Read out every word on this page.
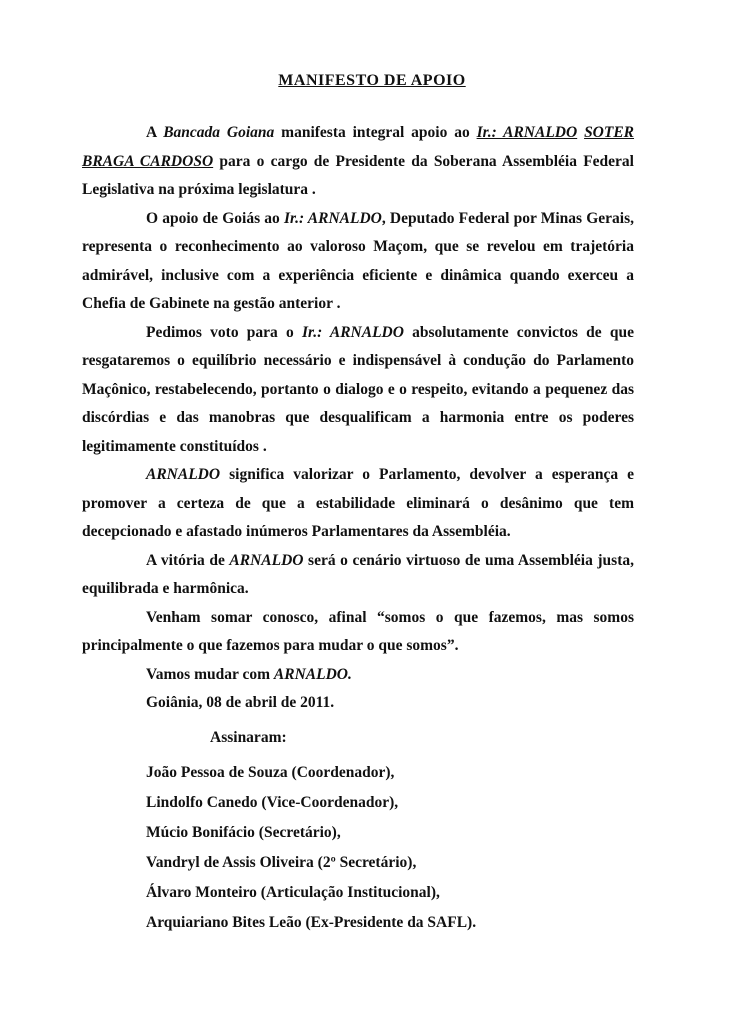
MANIFESTO DE APOIO

A Bancada Goiana manifesta integral apoio ao Ir.: ARNALDO SOTER BRAGA CARDOSO para o cargo de Presidente da Soberana Assembléia Federal Legislativa na próxima legislatura .

O apoio de Goiás ao Ir.: ARNALDO, Deputado Federal por Minas Gerais, representa o reconhecimento ao valoroso Maçom, que se revelou em trajetória admirável, inclusive com a experiência eficiente e dinâmica quando exerceu a Chefia de Gabinete na gestão anterior .

Pedimos voto para o Ir.: ARNALDO absolutamente convictos de que resgataremos o equilíbrio necessário e indispensável à condução do Parlamento Maçônico, restabelecendo, portanto o dialogo e o respeito, evitando a pequenez das discórdias e das manobras que desqualificam a harmonia entre os poderes legitimamente constituídos .

ARNALDO significa valorizar o Parlamento, devolver a esperança e promover a certeza de que a estabilidade eliminará o desânimo que tem decepcionado e afastado inúmeros Parlamentares da Assembléia.

A vitória de ARNALDO será o cenário virtuoso de uma Assembléia justa, equilibrada e harmônica.

Venham somar conosco, afinal “somos o que fazemos, mas somos principalmente o que fazemos para mudar o que somos”.

Vamos mudar com ARNALDO.

Goiânia, 08 de abril de 2011.

Assinaram:
João Pessoa de Souza (Coordenador),
Lindolfo Canedo (Vice-Coordenador),
Múcio Bonifácio (Secretário),
Vandryl de Assis Oliveira (2º Secretário),
Álvaro Monteiro (Articulação Institucional),
Arquiariano Bites Leão (Ex-Presidente da SAFL).
